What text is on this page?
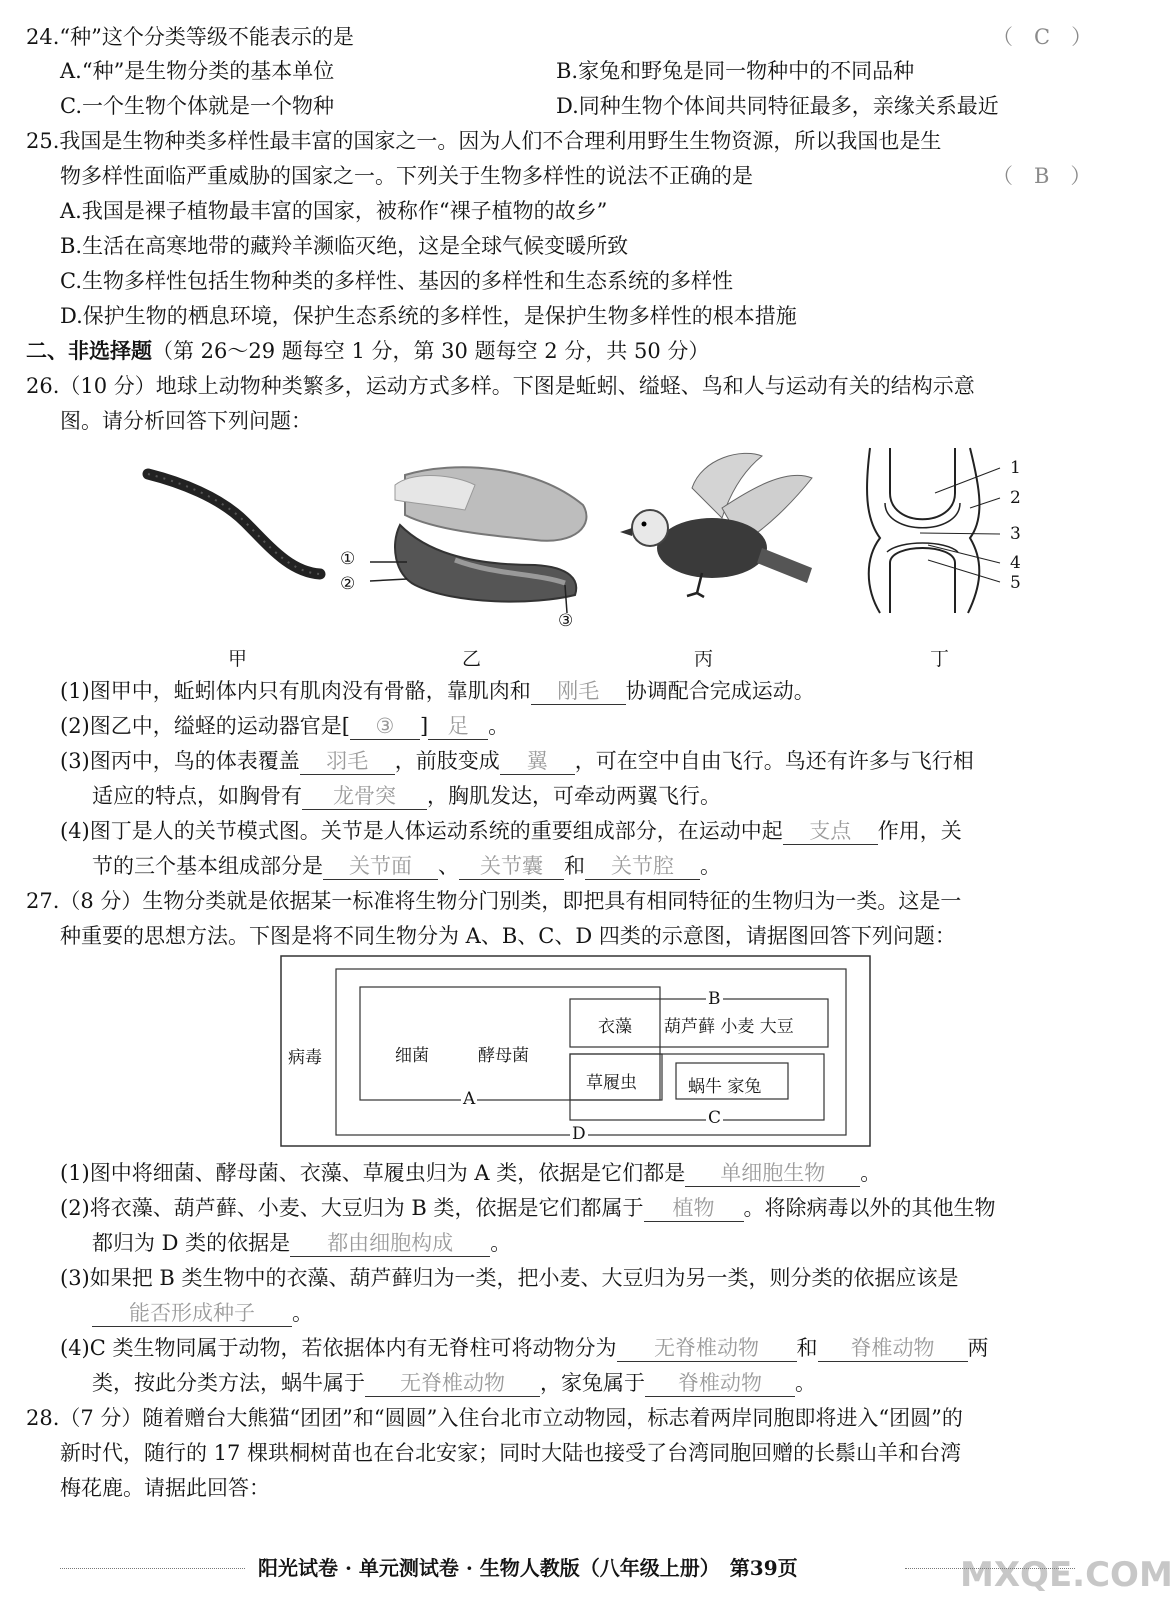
24.“种”这个分类等级不能表示的是	（　C　）
A.“种”是生物分类的基本单位	B.家兔和野兔是同一物种中的不同品种
C.一个生物个体就是一个物种	D.同种生物个体间共同特征最多，亲缘关系最近
25.我国是生物种类多样性最丰富的国家之一。因为人们不合理利用野生生物资源，所以我国也是生
物多样性面临严重威胁的国家之一。下列关于生物多样性的说法不正确的是	（　B　）
A.我国是裸子植物最丰富的国家，被称作“裸子植物的故乡”
B.生活在高寒地带的藏羚羊濒临灭绝，这是全球气候变暖所致
C.生物多样性包括生物种类的多样性、基因的多样性和生态系统的多样性
D.保护生物的栖息环境，保护生态系统的多样性，是保护生物多样性的根本措施
二、非选择题（第 26～29 题每空 1 分，第 30 题每空 2 分，共 50 分）
26.（10 分）地球上动物种类繁多，运动方式多样。下图是蚯蚓、缢蛏、鸟和人与运动有关的结构示意
图。请分析回答下列问题：
①
②
③
1
2
3
4
5
甲	乙	丙	丁
(1)图甲中，蚯蚓体内只有肌肉没有骨骼，靠肌肉和 刚毛 协调配合完成运动。
(2)图乙中，缢蛏的运动器官是[ ③ ] 足 。
(3)图丙中，鸟的体表覆盖 羽毛 ，前肢变成 翼 ，可在空中自由飞行。鸟还有许多与飞行相
适应的特点，如胸骨有 龙骨突 ，胸肌发达，可牵动两翼飞行。
(4)图丁是人的关节模式图。关节是人体运动系统的重要组成部分，在运动中起 支点 作用，关
节的三个基本组成部分是 关节面 、 关节囊 和 关节腔 。
27.（8 分）生物分类就是依据某一标准将生物分门别类，即把具有相同特征的生物归为一类。这是一
种重要的思想方法。下图是将不同生物分为 A、B、C、D 四类的示意图，请据图回答下列问题：
病毒	细菌	酵母菌
衣藻 葫芦藓 小麦 大豆
草履虫	蜗牛 家兔
A
B
C
D
(1)图中将细菌、酵母菌、衣藻、草履虫归为 A 类，依据是它们都是 单细胞生物 。
(2)将衣藻、葫芦藓、小麦、大豆归为 B 类，依据是它们都属于 植物 。将除病毒以外的其他生物
都归为 D 类的依据是 都由细胞构成 。
(3)如果把 B 类生物中的衣藻、葫芦藓归为一类，把小麦、大豆归为另一类，则分类的依据应该是
能否形成种子 。
(4)C 类生物同属于动物，若依据体内有无脊柱可将动物分为 无脊椎动物 和 脊椎动物 两
类，按此分类方法，蜗牛属于 无脊椎动物 ，家兔属于 脊椎动物 。
28.（7 分）随着赠台大熊猫“团团”和“圆圆”入住台北市立动物园，标志着两岸同胞即将进入“团圆”的
新时代，随行的 17 棵珙桐树苗也在台北安家；同时大陆也接受了台湾同胞回赠的长鬃山羊和台湾
梅花鹿。请据此回答：
阳光试卷 · 单元测试卷 · 生物人教版（八年级上册）　第39页	MXQE.COM
